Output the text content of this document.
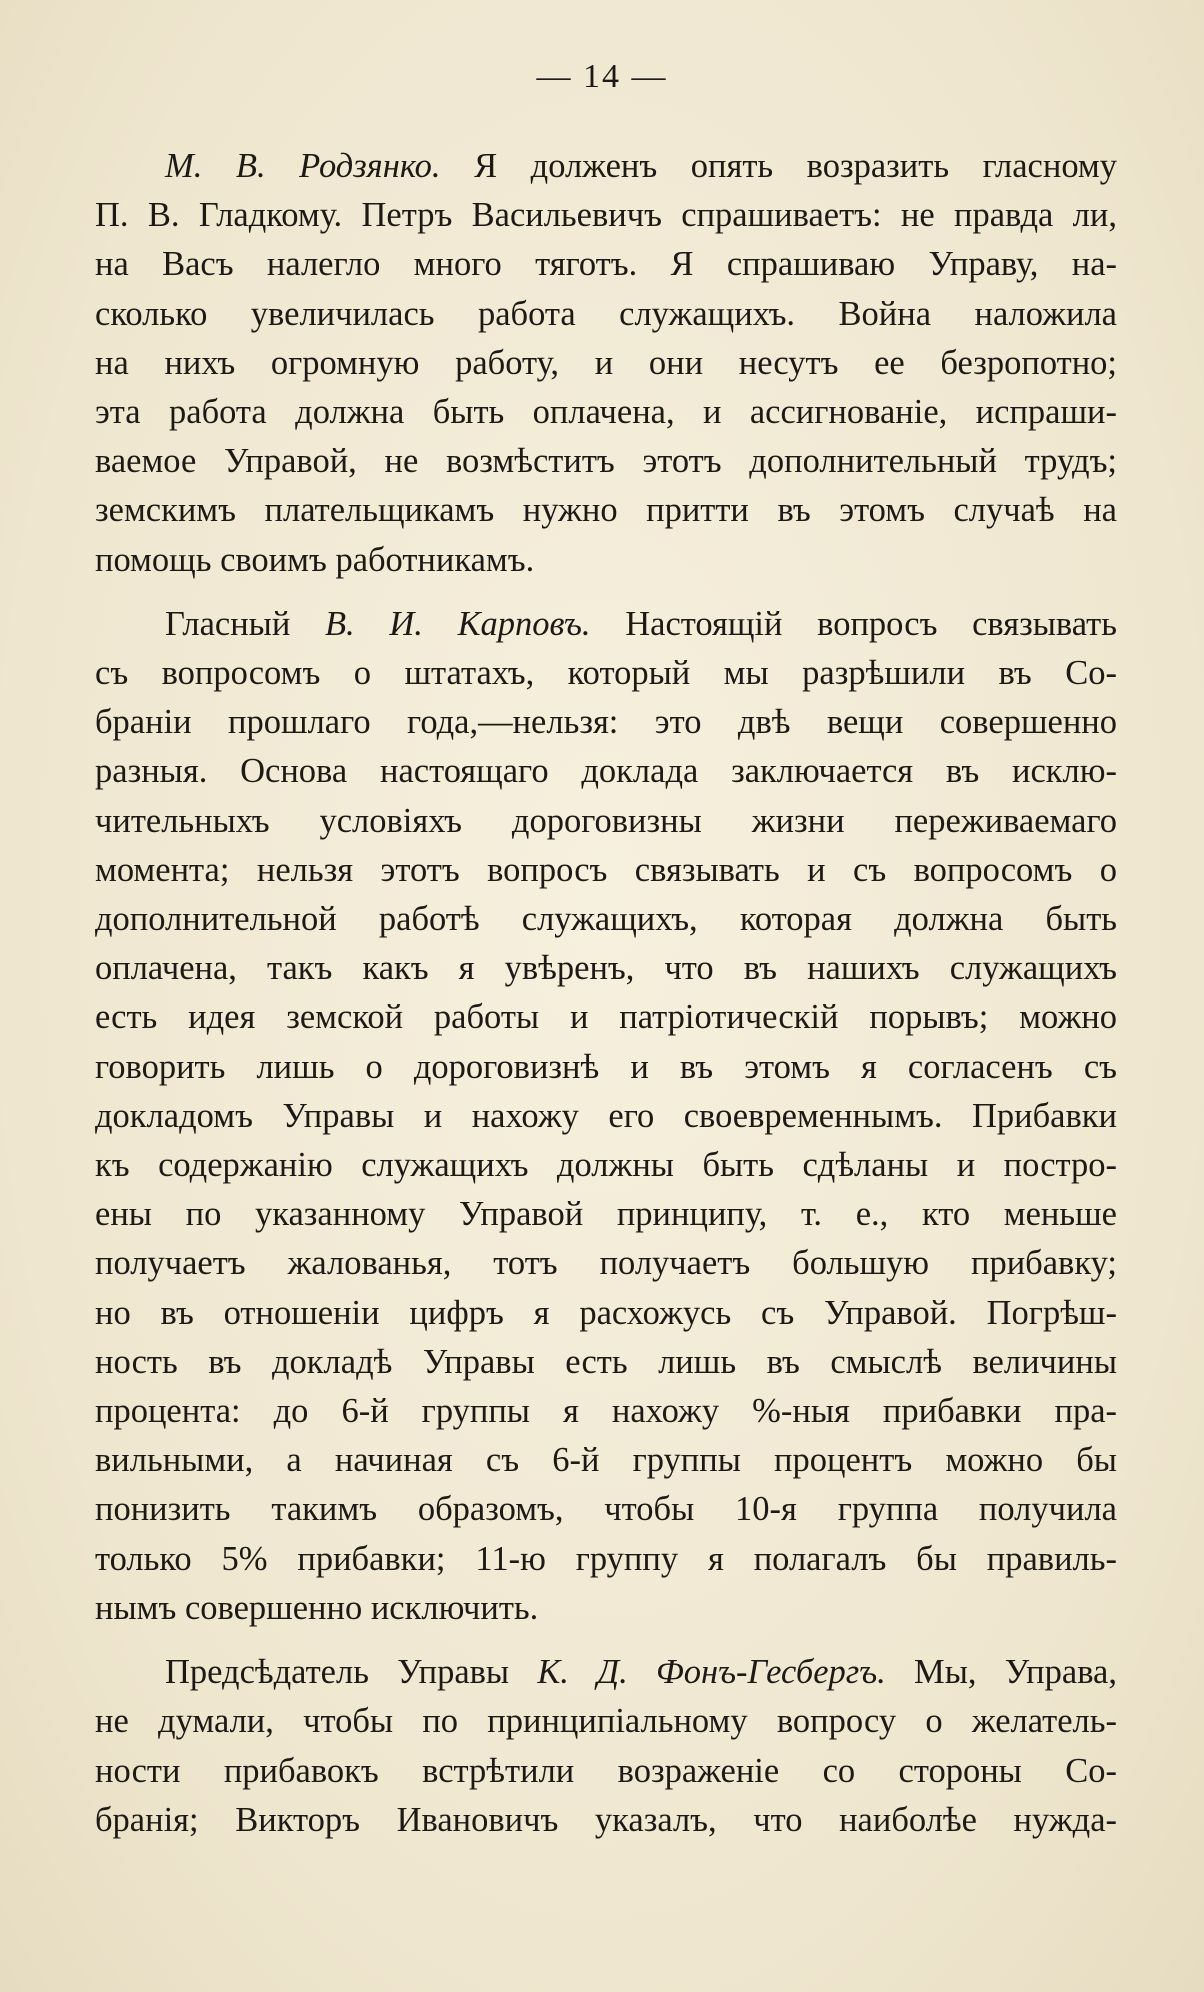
— 14 —

М. В. Родзянко. Я долженъ опять возразить гласному
П. В. Гладкому. Петръ Васильевичъ спрашиваетъ: не правда ли,
на Васъ налегло много тяготъ. Я спрашиваю Управу, на-
сколько увеличилась работа служащихъ. Война наложила
на нихъ огромную работу, и они несутъ ее безропотно;
эта работа должна быть оплачена, и ассигнованіе, испраши-
ваемое Управой, не возмѣститъ этотъ дополнительный трудъ;
земскимъ плательщикамъ нужно притти въ этомъ случаѣ на
помощь своимъ работникамъ.

Гласный В. И. Карповъ. Настоящій вопросъ связывать
съ вопросомъ о штатахъ, который мы разрѣшили въ Со-
браніи прошлаго года,—нельзя: это двѣ вещи совершенно
разныя. Основа настоящаго доклада заключается въ исклю-
чительныхъ условіяхъ дороговизны жизни переживаемаго
момента; нельзя этотъ вопросъ связывать и съ вопросомъ о
дополнительной работѣ служащихъ, которая должна быть
оплачена, такъ какъ я увѣренъ, что въ нашихъ служащихъ
есть идея земской работы и патріотическій порывъ; можно
говорить лишь о дороговизнѣ и въ этомъ я согласенъ съ
докладомъ Управы и нахожу его своевременнымъ. Прибавки
къ содержанію служащихъ должны быть сдѣланы и постро-
ены по указанному Управой принципу, т. е., кто меньше
получаетъ жалованья, тотъ получаетъ большую прибавку;
но въ отношеніи цифръ я расхожусь съ Управой. Погрѣш-
ность въ докладѣ Управы есть лишь въ смыслѣ величины
процента: до 6-й группы я нахожу %-ныя прибавки пра-
вильными, а начиная съ 6-й группы процентъ можно бы
понизить такимъ образомъ, чтобы 10-я группа получила
только 5% прибавки; 11-ю группу я полагалъ бы правиль-
нымъ совершенно исключить.

Предсѣдатель Управы К. Д. Фонъ-Гесбергъ. Мы, Управа,
не думали, чтобы по принципіальному вопросу о желатель-
ности прибавокъ встрѣтили возраженіе со стороны Со-
бранія; Викторъ Ивановичъ указалъ, что наиболѣе нужда-
